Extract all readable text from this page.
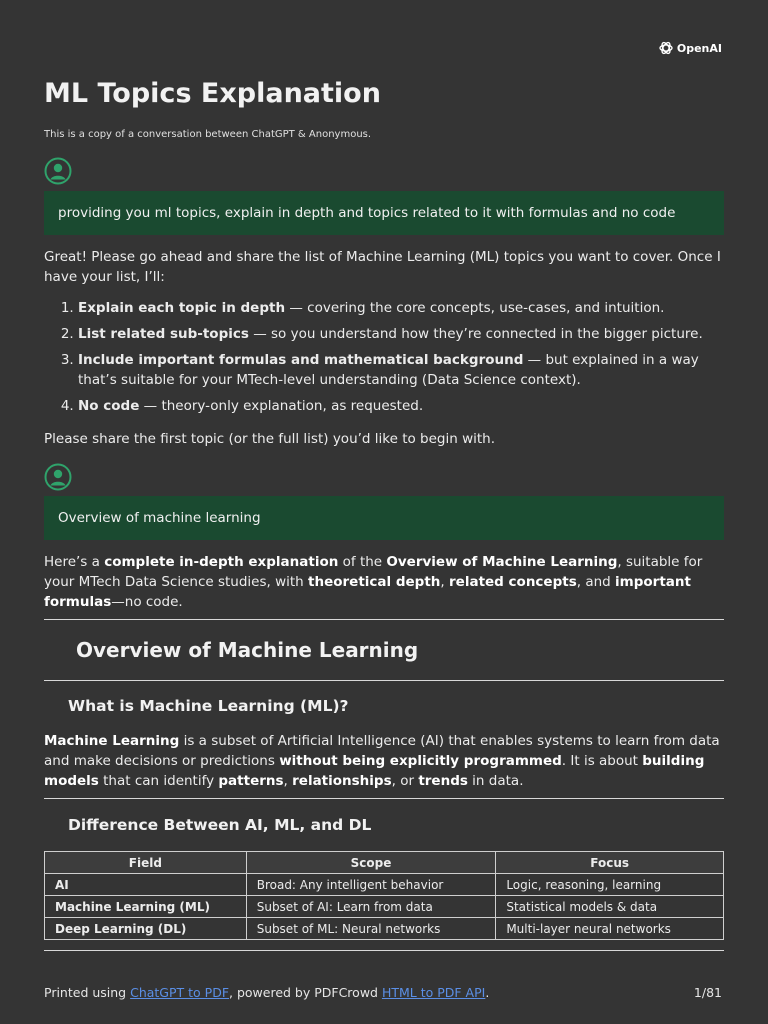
OpenAI
ML Topics Explanation
This is a copy of a conversation between ChatGPT & Anonymous.
providing you ml topics, explain in depth and topics related to it with formulas and no code
Great! Please go ahead and share the list of Machine Learning (ML) topics you want to cover. Once I have your list, I’ll:
1. Explain each topic in depth — covering the core concepts, use-cases, and intuition.
2. List related sub-topics — so you understand how they’re connected in the bigger picture.
3. Include important formulas and mathematical background — but explained in a way that’s suitable for your MTech-level understanding (Data Science context).
4. No code — theory-only explanation, as requested.
Please share the first topic (or the full list) you’d like to begin with.
Overview of machine learning
Here’s a complete in-depth explanation of the Overview of Machine Learning, suitable for your MTech Data Science studies, with theoretical depth, related concepts, and important formulas—no code.
Overview of Machine Learning
What is Machine Learning (ML)?
Machine Learning is a subset of Artificial Intelligence (AI) that enables systems to learn from data and make decisions or predictions without being explicitly programmed. It is about building models that can identify patterns, relationships, or trends in data.
Difference Between AI, ML, and DL
Field	Scope	Focus
AI	Broad: Any intelligent behavior	Logic, reasoning, learning
Machine Learning (ML)	Subset of AI: Learn from data	Statistical models & data
Deep Learning (DL)	Subset of ML: Neural networks	Multi-layer neural networks
Printed using ChatGPT to PDF, powered by PDFCrowd HTML to PDF API.	1/81
